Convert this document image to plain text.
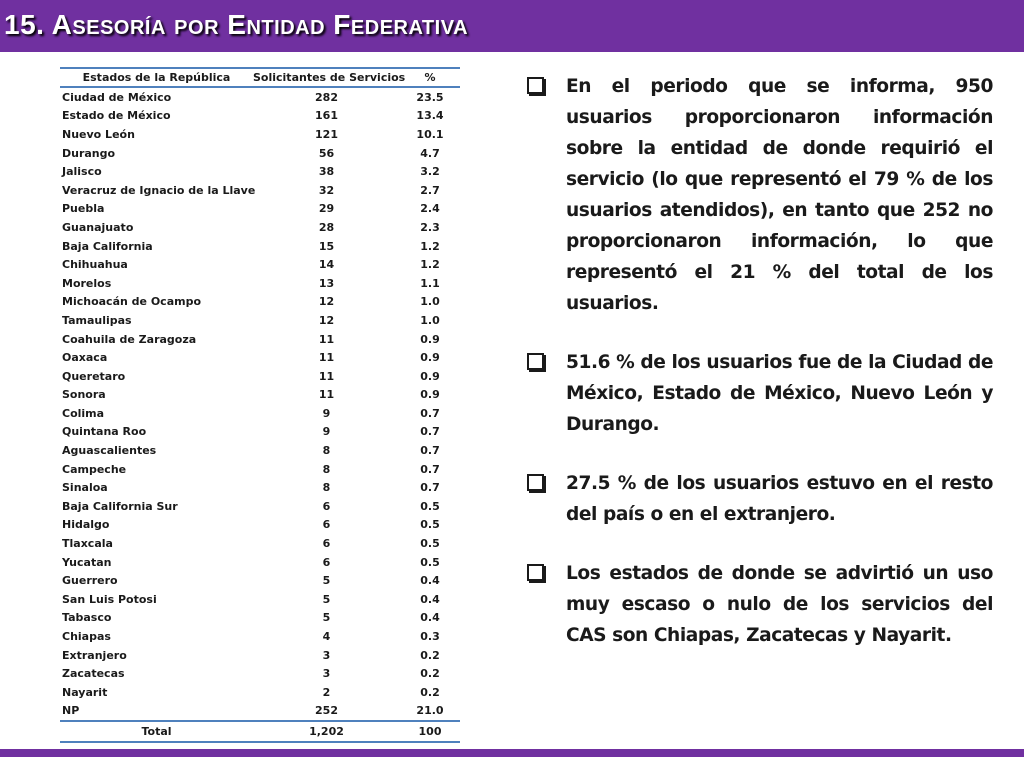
15. Asesoría por Entidad Federativa
Estados de la República	Solicitantes de Servicios	%
Ciudad de México	282	23.5
Estado de México	161	13.4
Nuevo León	121	10.1
Durango	56	4.7
Jalisco	38	3.2
Veracruz de Ignacio de la Llave	32	2.7
Puebla	29	2.4
Guanajuato	28	2.3
Baja California	15	1.2
Chihuahua	14	1.2
Morelos	13	1.1
Michoacán de Ocampo	12	1.0
Tamaulipas	12	1.0
Coahuila de Zaragoza	11	0.9
Oaxaca	11	0.9
Queretaro	11	0.9
Sonora	11	0.9
Colima	9	0.7
Quintana Roo	9	0.7
Aguascalientes	8	0.7
Campeche	8	0.7
Sinaloa	8	0.7
Baja California Sur	6	0.5
Hidalgo	6	0.5
Tlaxcala	6	0.5
Yucatan	6	0.5
Guerrero	5	0.4
San Luis Potosi	5	0.4
Tabasco	5	0.4
Chiapas	4	0.3
Extranjero	3	0.2
Zacatecas	3	0.2
Nayarit	2	0.2
NP	252	21.0
Total	1,202	100
En el periodo que se informa, 950 usuarios proporcionaron información sobre la entidad de donde requirió el servicio (lo que representó el 79 % de los usuarios atendidos), en tanto que 252 no proporcionaron información, lo que representó el 21 % del total de los usuarios.
51.6 % de los usuarios fue de la Ciudad de México, Estado de México, Nuevo León y Durango.
27.5 % de los usuarios estuvo en el resto del país o en el extranjero.
Los estados de donde se advirtió un uso muy escaso o nulo de los servicios del CAS son Chiapas, Zacatecas y Nayarit.
